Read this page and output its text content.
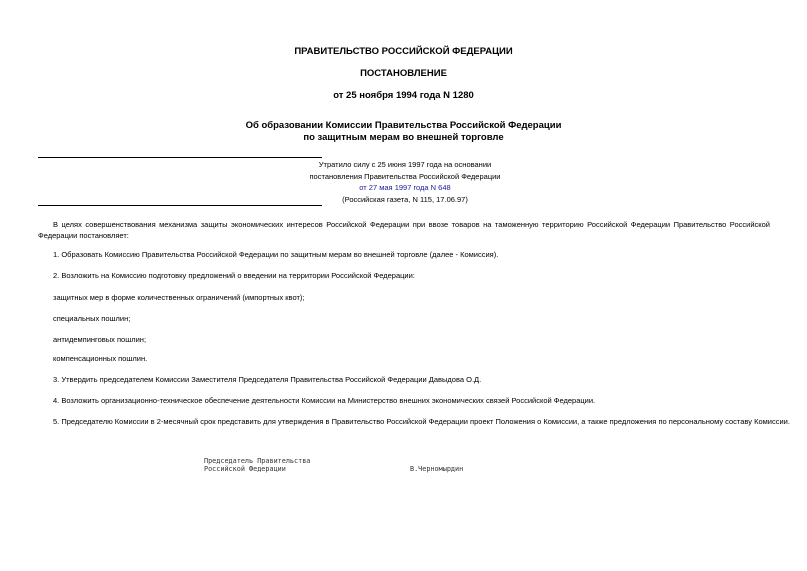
ПРАВИТЕЛЬСТВО РОССИЙСКОЙ ФЕДЕРАЦИИ
ПОСТАНОВЛЕНИЕ
от 25 ноября 1994 года N 1280
Об образовании Комиссии Правительства Российской Федерации
по защитным мерам во внешней торговле
Утратило силу с 25 июня 1997 года на основании
постановления Правительства Российской Федерации
от 27 мая 1997 года N 648
(Российская газета, N 115, 17.06.97)
В целях совершенствования механизма защиты экономических интересов Российской Федерации при ввозе товаров на таможенную территорию Российской Федерации Правительство Российской Федерации постановляет:
1. Образовать Комиссию Правительства Российской Федерации по защитным мерам во внешней торговле (далее - Комиссия).
2. Возложить на Комиссию подготовку предложений о введении на территории Российской Федерации:
защитных мер в форме количественных ограничений (импортных квот);
специальных пошлин;
антидемпинговых пошлин;
компенсационных пошлин.
3. Утвердить председателем Комиссии Заместителя Председателя Правительства Российской Федерации Давыдова О.Д.
4. Возложить организационно-техническое обеспечение деятельности Комиссии на Министерство внешних экономических связей Российской Федерации.
5. Председателю Комиссии в 2-месячный срок представить для утверждения в Правительство Российской Федерации проект Положения о Комиссии, а также предложения по персональному составу Комиссии.
Председатель Правительства
Российской Федерации	В.Черномырдин
